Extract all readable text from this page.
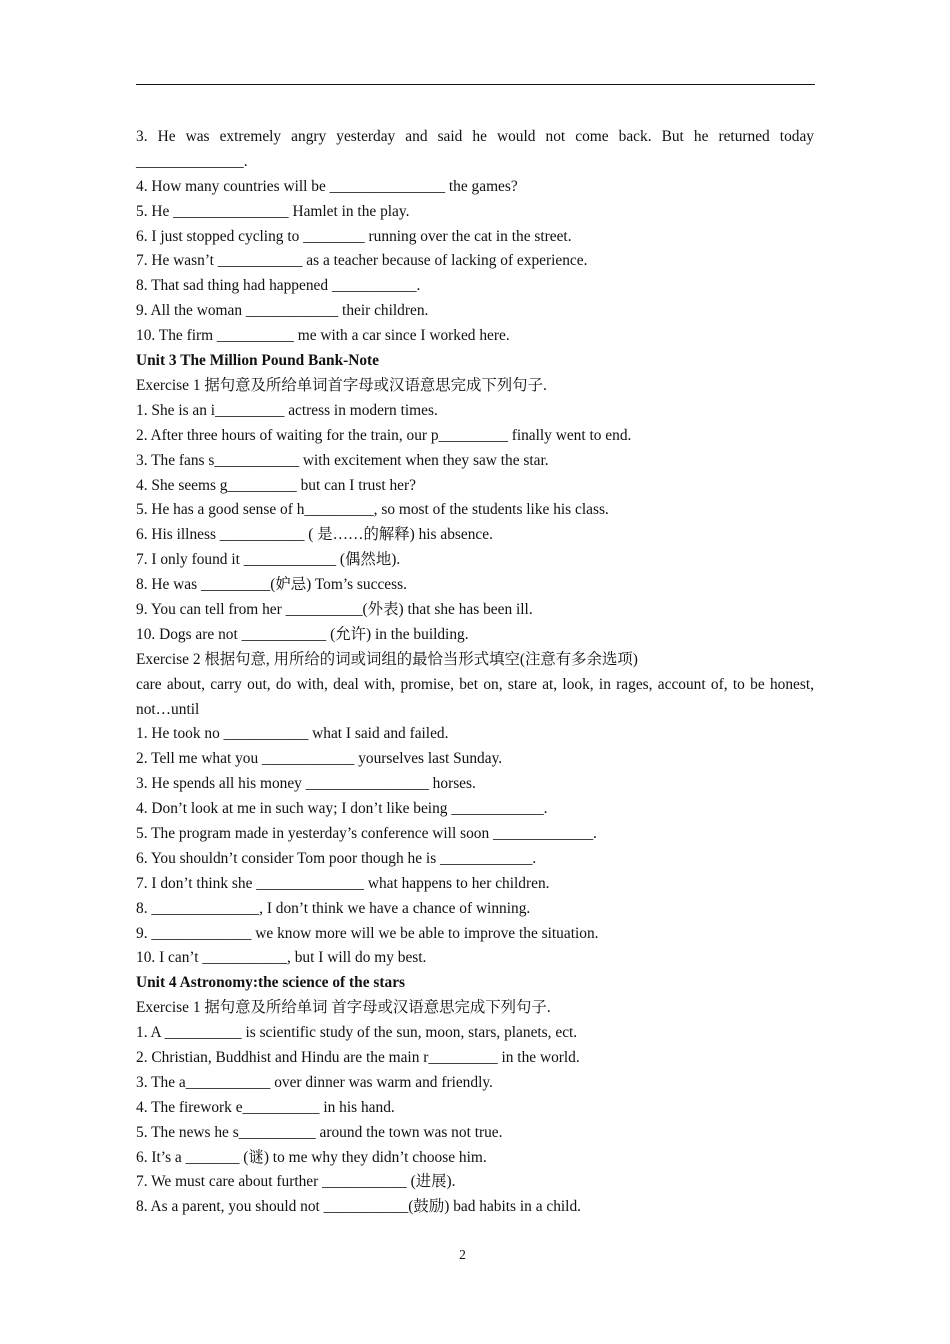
3. He was extremely angry yesterday and said he would not come back. But he returned today ______________.
4. How many countries will be _______________ the games?
5. He _______________ Hamlet in the play.
6. I just stopped cycling to ________ running over the cat in the street.
7. He wasn’t ___________ as a teacher because of lacking of experience.
8. That sad thing had happened ___________.
9. All the woman ____________ their children.
10. The firm __________ me with a car since I worked here.
Unit 3 The Million Pound Bank-Note
Exercise 1 据句意及所给单词首字母或汉语意思完成下列句子.
1. She is an i_________ actress in modern times.
2. After three hours of waiting for the train, our p_________ finally went to end.
3. The fans s___________ with excitement when they saw the star.
4. She seems g_________ but can I trust her?
5. He has a good sense of h_________, so most of the students like his class.
6. His illness ___________ ( 是……的解释) his absence.
7. I only found it ____________ (偶然地).
8. He was _________(妒忌) Tom’s success.
9. You can tell from her __________(外表) that she has been ill.
10. Dogs are not ___________ (允许) in the building.
Exercise 2 根据句意, 用所给的词或词组的最恰当形式填空(注意有多余选项)
care about, carry out, do with, deal with, promise, bet on, stare at, look, in rages, account of, to be honest, not…until
1. He took no ___________ what I said and failed.
2. Tell me what you ____________ yourselves last Sunday.
3. He spends all his money ________________ horses.
4. Don’t look at me in such way; I don’t like being ____________.
5. The program made in yesterday’s conference will soon _____________.
6. You shouldn’t consider Tom poor though he is ____________.
7. I don’t think she ______________ what happens to her children.
8. ______________, I don’t think we have a chance of winning.
9. _____________ we know more will we be able to improve the situation.
10. I can’t ___________, but I will do my best.
Unit 4 Astronomy:the science of the stars
Exercise 1 据句意及所给单词 首字母或汉语意思完成下列句子.
1. A __________ is scientific study of the sun, moon, stars, planets, ect.
2. Christian, Buddhist and Hindu are the main r_________ in the world.
3. The a___________ over dinner was warm and friendly.
4. The firework e__________ in his hand.
5. The news he s__________ around the town was not true.
6. It’s a _______ (谜) to me why they didn’t choose him.
7. We must care about further ___________ (进展).
8. As a parent, you should not ___________(鼓励) bad habits in a child.
2
